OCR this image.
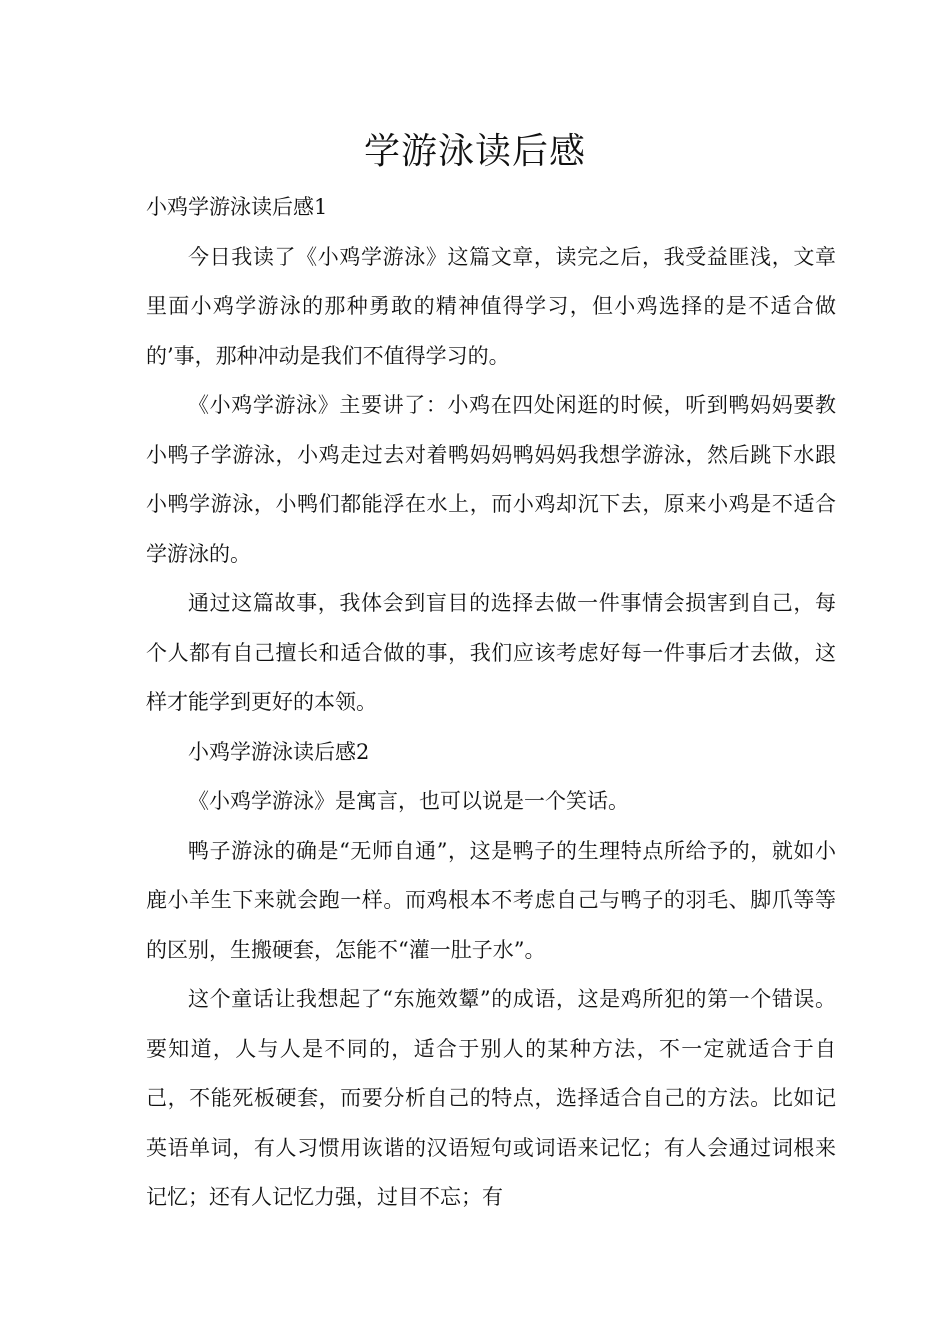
学游泳读后感

小鸡学游泳读后感1

今日我读了《小鸡学游泳》这篇文章，读完之后，我受益匪浅，文章里面小鸡学游泳的那种勇敢的精神值得学习，但小鸡选择的是不适合做的’事，那种冲动是我们不值得学习的。

《小鸡学游泳》主要讲了：小鸡在四处闲逛的时候，听到鸭妈妈要教小鸭子学游泳，小鸡走过去对着鸭妈妈鸭妈妈我想学游泳，然后跳下水跟小鸭学游泳，小鸭们都能浮在水上，而小鸡却沉下去，原来小鸡是不适合学游泳的。

通过这篇故事，我体会到盲目的选择去做一件事情会损害到自己，每个人都有自己擅长和适合做的事，我们应该考虑好每一件事后才去做，这样才能学到更好的本领。

小鸡学游泳读后感2

《小鸡学游泳》是寓言，也可以说是一个笑话。

鸭子游泳的确是“无师自通”，这是鸭子的生理特点所给予的，就如小鹿小羊生下来就会跑一样。而鸡根本不考虑自己与鸭子的羽毛、脚爪等等的区别，生搬硬套，怎能不“灌一肚子水”。

这个童话让我想起了“东施效颦”的成语，这是鸡所犯的第一个错误。要知道，人与人是不同的，适合于别人的某种方法，不一定就适合于自己，不能死板硬套，而要分析自己的特点，选择适合自己的方法。比如记英语单词，有人习惯用诙谐的汉语短句或词语来记忆；有人会通过词根来记忆；还有人记忆力强，过目不忘；有
